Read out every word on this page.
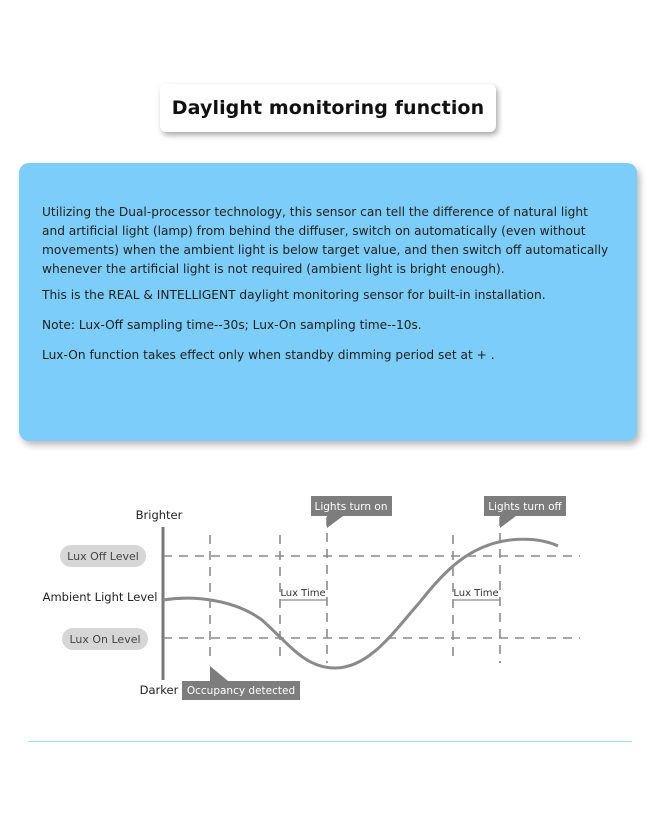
Daylight monitoring function

Utilizing the Dual-processor technology, this sensor can tell the difference of natural light and artificial light (lamp) from behind the diffuser, switch on automatically (even without movements) when the ambient light is below target value, and then switch off automatically whenever the artificial light is not required (ambient light is bright enough).

This is the REAL & INTELLIGENT daylight monitoring sensor for built-in installation.

Note: Lux-Off sampling time--30s; Lux-On sampling time--10s.

Lux-On function takes effect only when standby dimming period set at + .

Brighter
Darker
Ambient Light Level
Lux Off Level
Lux On Level
Lux Time	Lux Time
Lights turn on	Lights turn off
Occupancy detected
